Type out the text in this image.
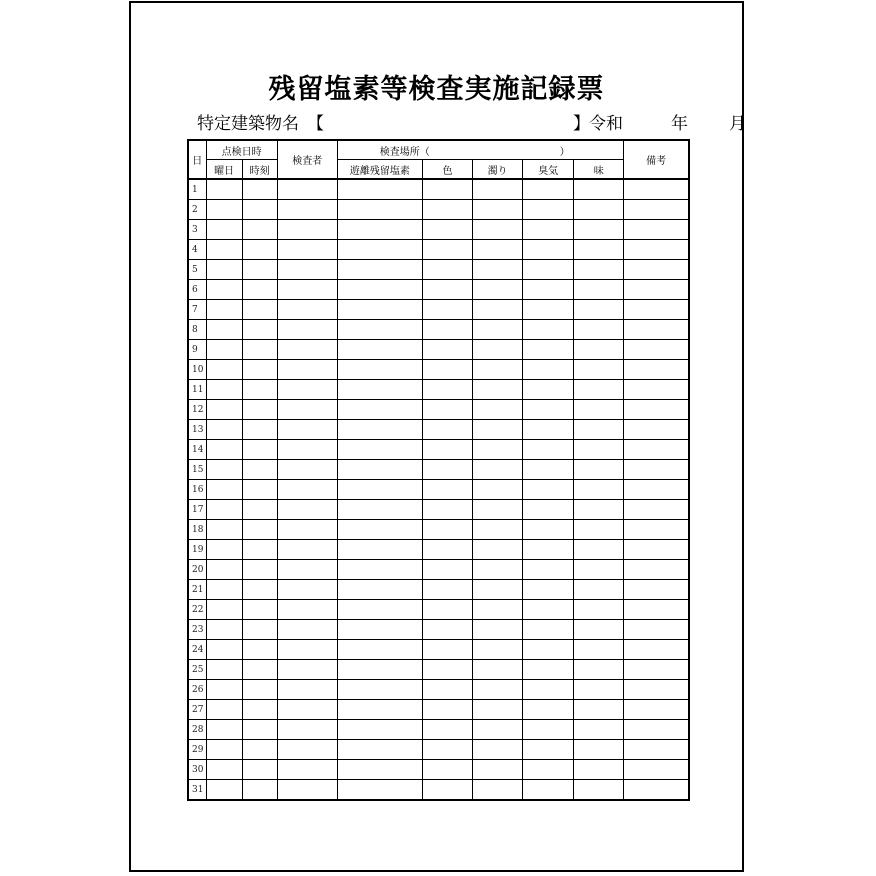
残留塩素等検査実施記録票
特定建築物名 【	】 令和	年 月
日	点検日時		検査者	検査場所（ ）					備考
	曜日	時刻		遊離残留塩素	色	濁り	臭気	味	
1									
2									
3									
4									
5									
6									
7									
8									
9									
10									
11									
12									
13									
14									
15									
16									
17									
18									
19									
20									
21									
22									
23									
24									
25									
26									
27									
28									
29									
30									
31									
